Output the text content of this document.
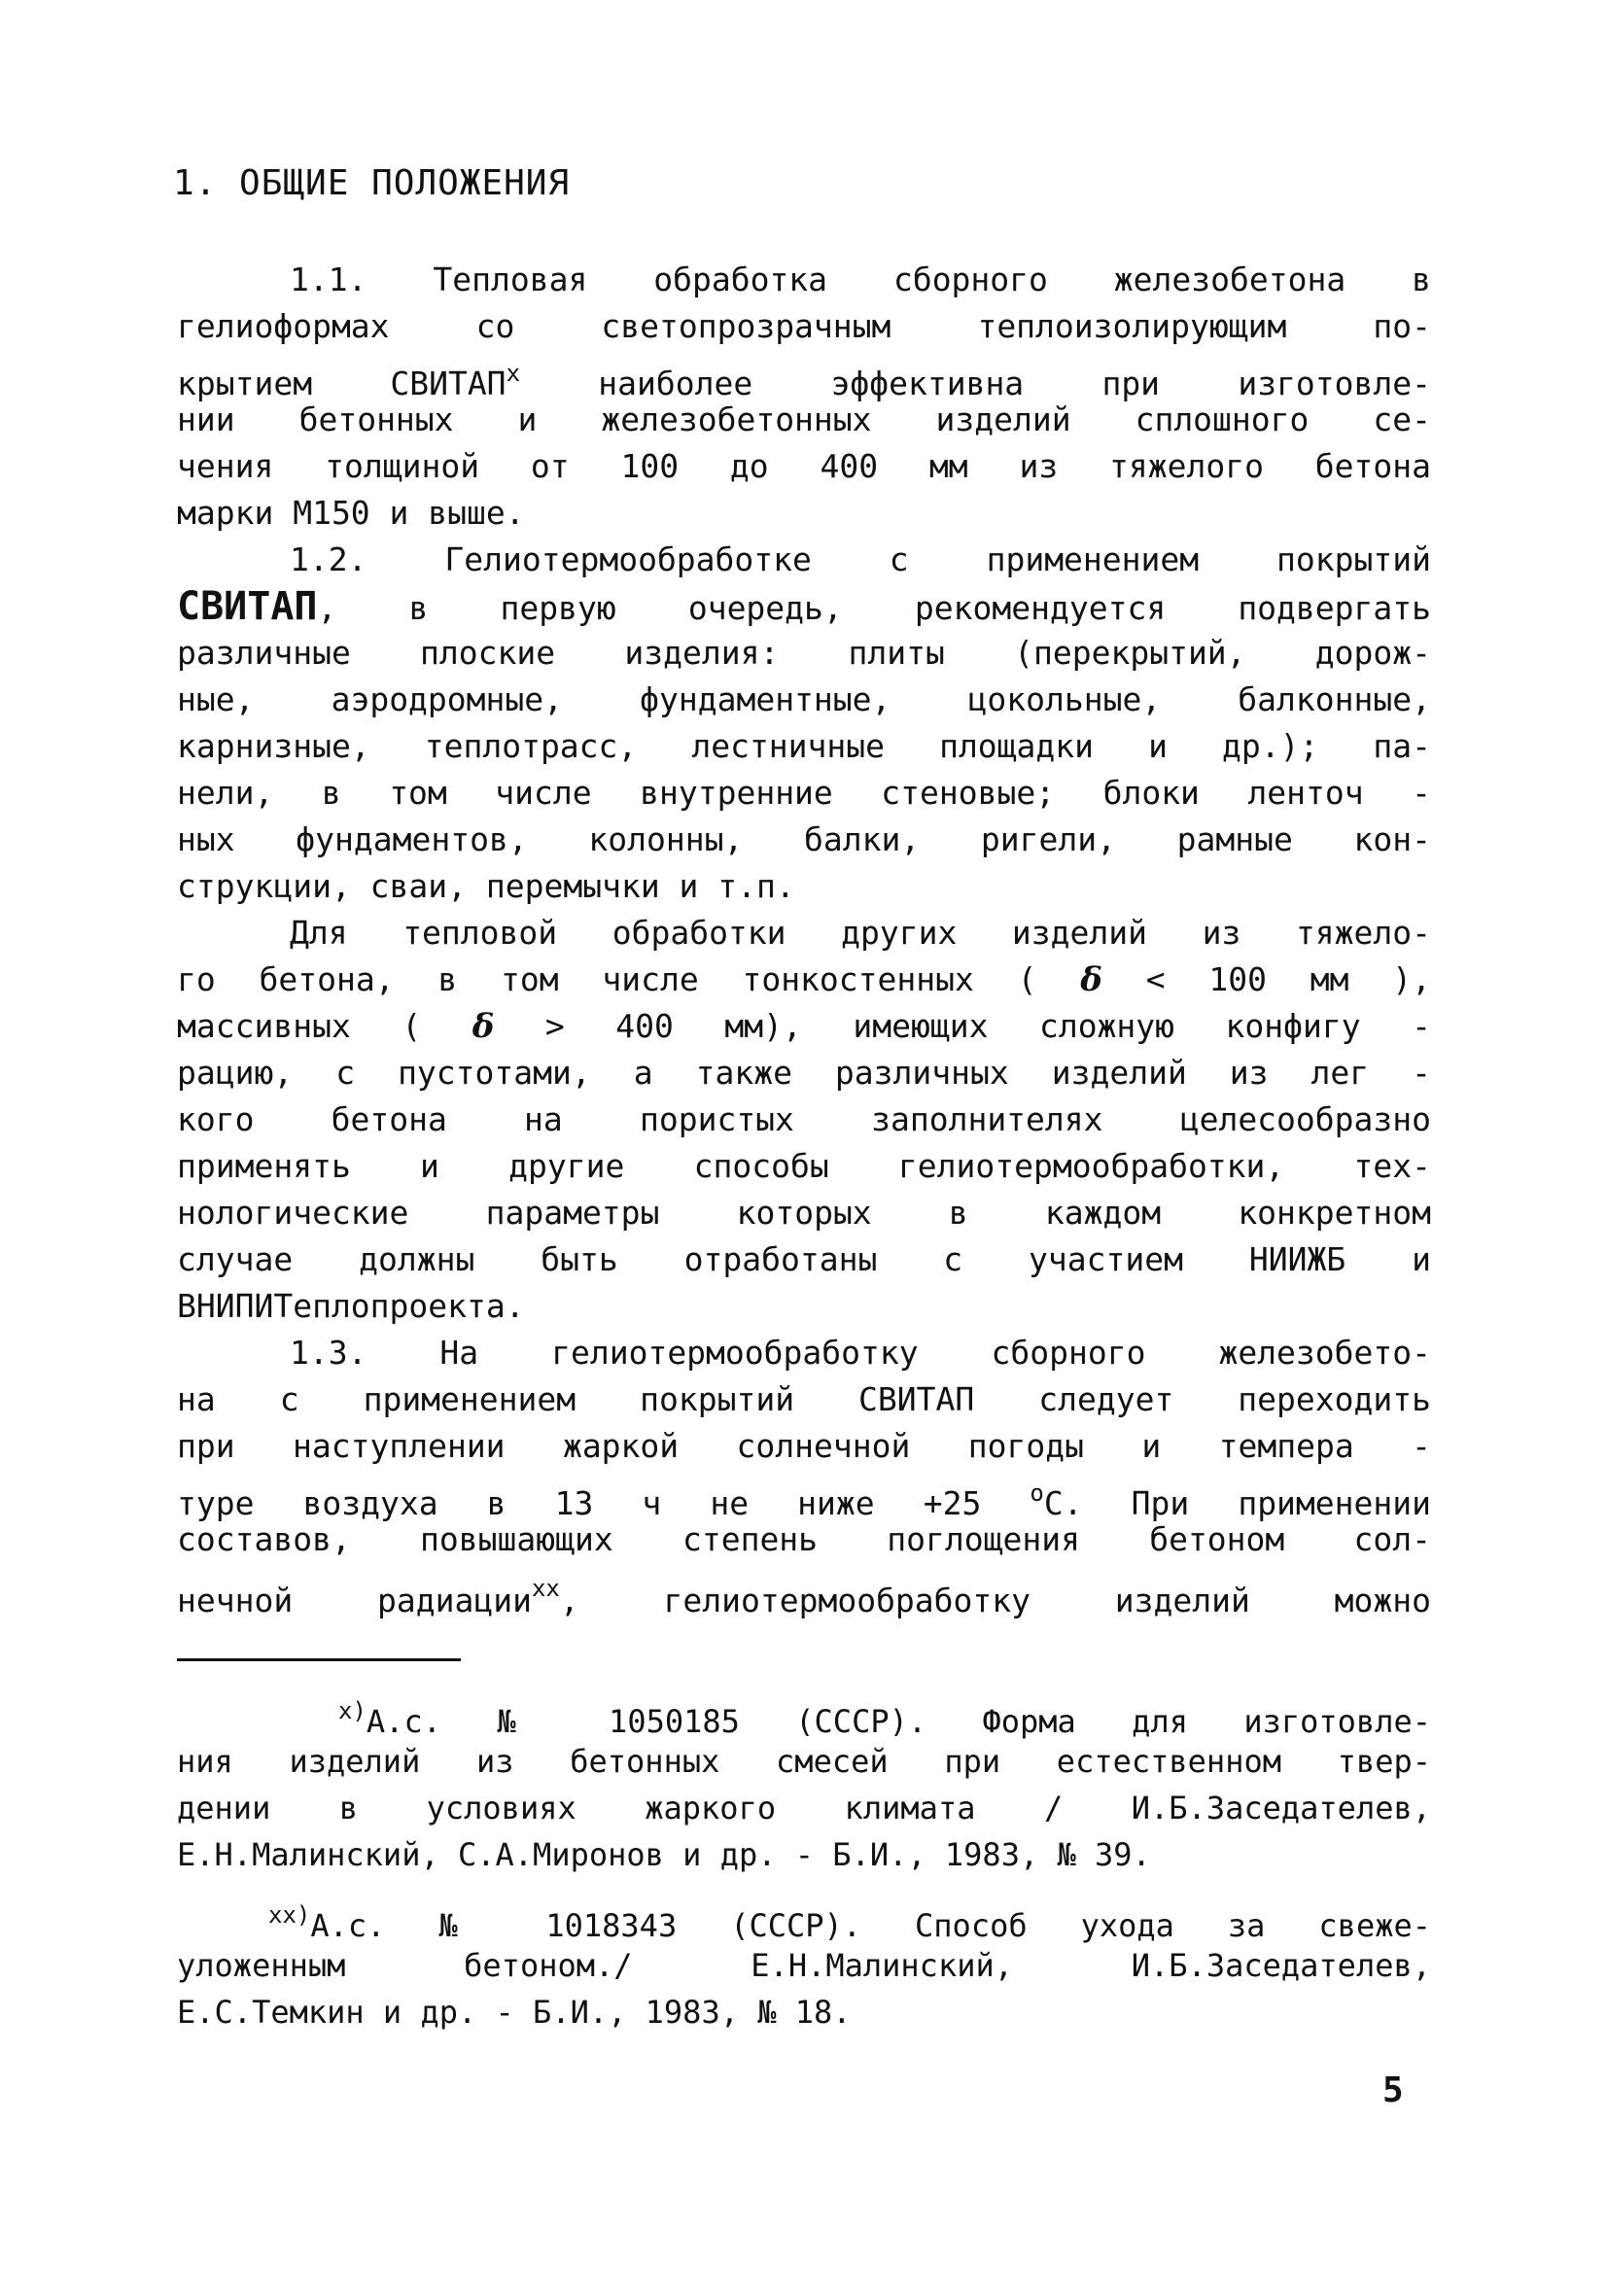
1. ОБЩИЕ ПОЛОЖЕНИЯ
1.1. Тепловая обработка сборного железобетона в
гелиоформах со светопрозрачным теплоизолирующим по-
крытием СВИТАП$^x$ наиболее эффективна при изготовле-
нии бетонных и железобетонных изделий сплошного се-
чения толщиной от 100 до 400 мм из тяжелого бетона
марки М150 и выше.
1.2. Гелиотермообработке с применением покрытий
СВИТАП, в первую очередь, рекомендуется подвергать
различные плоские изделия: плиты (перекрытий, дорож-
ные, аэродромные, фундаментные, цокольные, балконные,
карнизные, теплотрасс, лестничные площадки и др.); па-
нели, в том числе внутренние стеновые; блоки ленточ -
ных фундаментов, колонны, балки, ригели, рамные кон-
струкции, сваи, перемычки и т.п.
Для тепловой обработки других изделий из тяжело-
го бетона, в том числе тонкостенных ( δ < 100 мм ),
массивных ( δ > 400 мм), имеющих сложную конфигу -
рацию, с пустотами, а также различных изделий из лег -
кого бетона на пористых заполнителях целесообразно
применять и другие способы гелиотермообработки, тех-
нологические параметры которых в каждом конкретном
случае должны быть отработаны с участием НИИЖБ и
ВНИПИТеплопроекта.
1.3. На гелиотермообработку сборного железобето-
на с применением покрытий СВИТАП следует переходить
при наступлении жаркой солнечной погоды и темпера -
туре воздуха в 13 ч не ниже +25 $^о$С. При применении
составов, повышающих степень поглощения бетоном сол-
нечной радиации$^{хх}$, гелиотермообработку изделий можно
$^{х)}$А.с. № 1050185 (СССР). Форма для изготовле-
ния изделий из бетонных смесей при естественном твер-
дении в условиях жаркого климата / И.Б.Заседателев,
Е.Н.Малинский, С.А.Миронов и др. - Б.И., 1983, № 39.
$^{хх)}$А.с. № 1018343 (СССР). Способ ухода за свеже-
уложенным бетоном./ Е.Н.Малинский, И.Б.Заседателев,
Е.С.Темкин и др. - Б.И., 1983, № 18.
5
